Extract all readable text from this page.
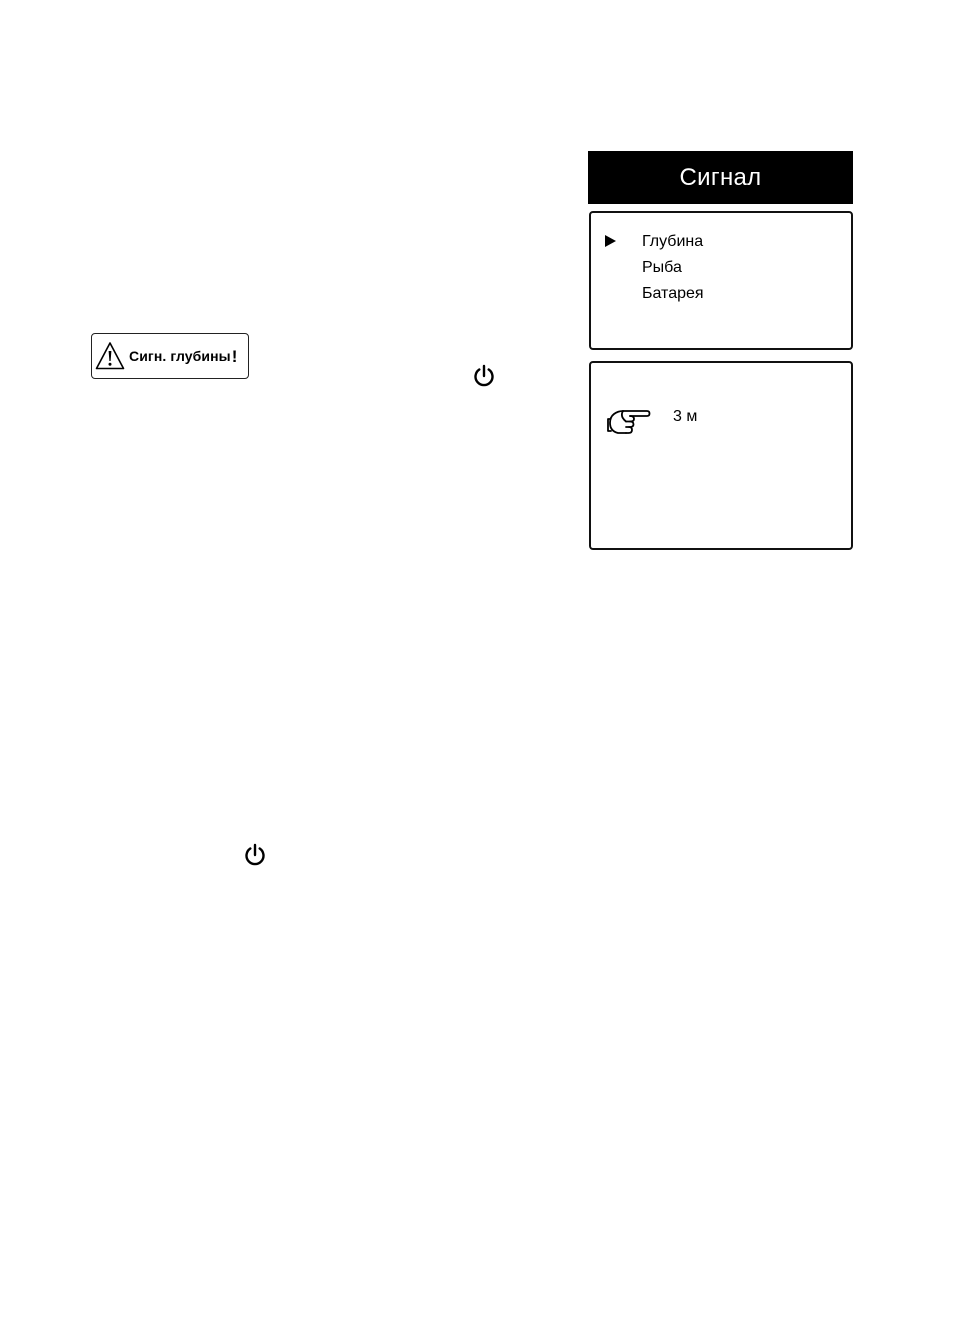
Сигн. глубины !
Сигнал
Глубина
Рыба
Батарея
3 м
